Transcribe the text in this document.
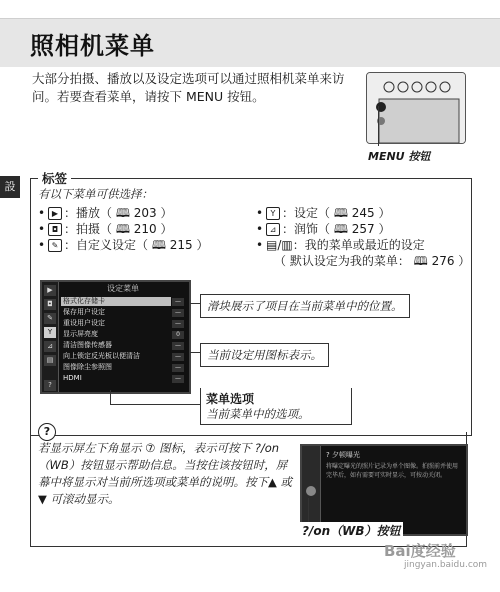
照相机菜单
大部分拍摄、播放以及设定选项可以通过照相机菜单来访问。若要查看菜单，请按下 MENU 按钮。
MENU 按钮
設
标签
有以下菜单可供选择：
• ▶ ：播放（ 🕮 203 ）
• ◘ ：拍摄（ 🕮 210 ）
• ✎ ：自定义设定（ 🕮 215 ）
• Y ：设定（ 🕮 245 ）
• ⊿ ：润饰（ 🕮 257 ）
• ▤/▥：我的菜单或最近的设定
（ 默认设定为我的菜单： 🕮 276 ）
▶
◘
✎
Y
⊿
▤
?
设定菜单
格式化存储卡	—
保存用户设定	—
重设用户设定	—
显示屏亮度	0
清洁图像传感器	—
向上锁定反光板以便清洁	—
图像除尘参照图	—
HDMI	—
滑块展示了项目在当前菜单中的位置。
当前设定用图标表示。
菜单选项
当前菜单中的选项。
?
若显示屏左下角显示 ⑦ 图标，表示可按下 ?/on（WB）按钮显示帮助信息。当按住该按钮时，屏幕中将显示对当前所选项或菜单的说明。按下▲ 或▼ 可滚动显示。
? 夕顿曝光
将曝定曝光的照片记录为单个图像。拍照前并使用完毕后，如有需要可实时显示，可按动关闭。
?/on（WB）按钮
Bai度经验
jingyan.baidu.com
